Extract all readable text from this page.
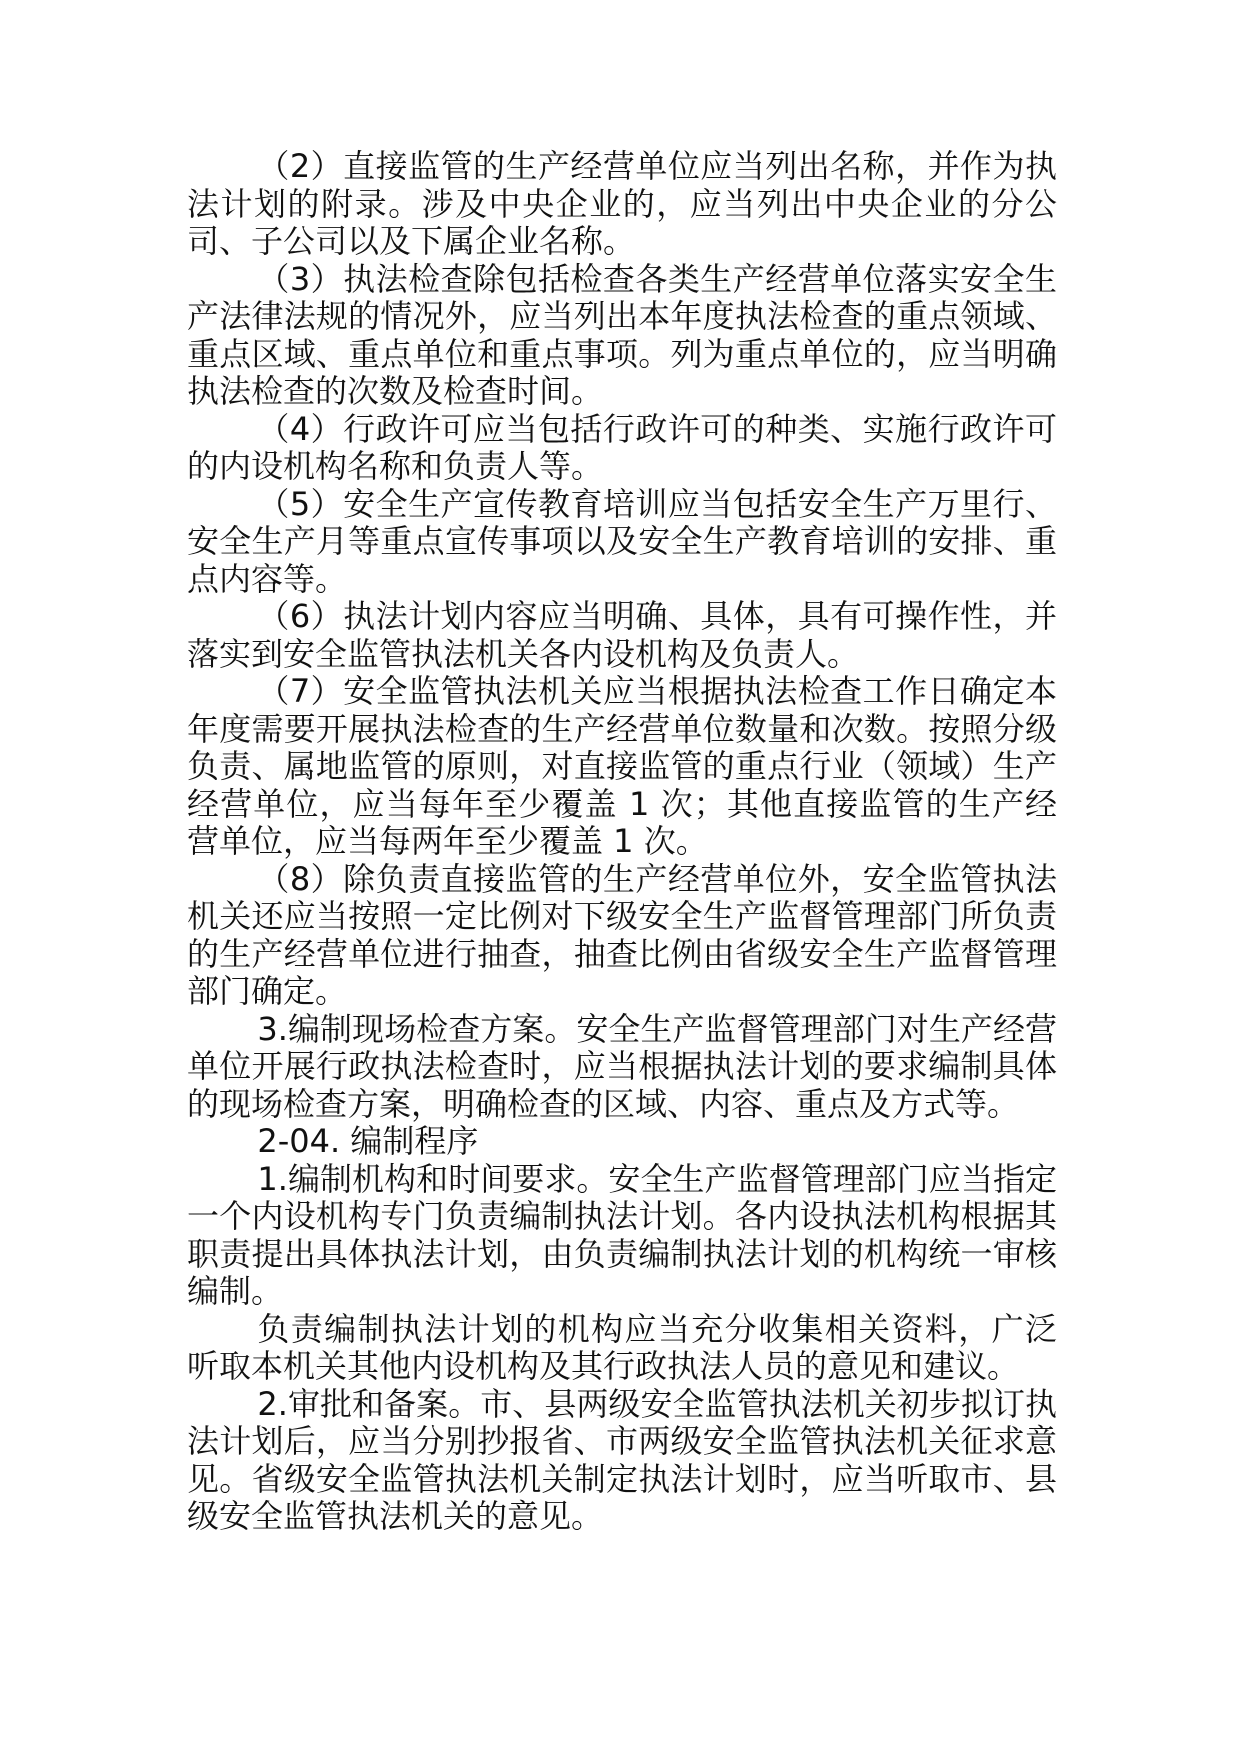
（2）直接监管的生产经营单位应当列出名称，并作为执法计划的附录。涉及中央企业的，应当列出中央企业的分公司、子公司以及下属企业名称。

（3）执法检查除包括检查各类生产经营单位落实安全生产法律法规的情况外，应当列出本年度执法检查的重点领域、重点区域、重点单位和重点事项。列为重点单位的，应当明确执法检查的次数及检查时间。

（4）行政许可应当包括行政许可的种类、实施行政许可的内设机构名称和负责人等。

（5）安全生产宣传教育培训应当包括安全生产万里行、安全生产月等重点宣传事项以及安全生产教育培训的安排、重点内容等。

（6）执法计划内容应当明确、具体，具有可操作性，并落实到安全监管执法机关各内设机构及负责人。

（7）安全监管执法机关应当根据执法检查工作日确定本年度需要开展执法检查的生产经营单位数量和次数。按照分级负责、属地监管的原则，对直接监管的重点行业（领域）生产经营单位，应当每年至少覆盖 1 次；其他直接监管的生产经营单位，应当每两年至少覆盖 1 次。

（8）除负责直接监管的生产经营单位外，安全监管执法机关还应当按照一定比例对下级安全生产监督管理部门所负责的生产经营单位进行抽查，抽查比例由省级安全生产监督管理部门确定。

3.编制现场检查方案。安全生产监督管理部门对生产经营单位开展行政执法检查时，应当根据执法计划的要求编制具体的现场检查方案，明确检查的区域、内容、重点及方式等。

2-04. 编制程序

1.编制机构和时间要求。安全生产监督管理部门应当指定一个内设机构专门负责编制执法计划。各内设执法机构根据其职责提出具体执法计划，由负责编制执法计划的机构统一审核编制。

负责编制执法计划的机构应当充分收集相关资料，广泛听取本机关其他内设机构及其行政执法人员的意见和建议。

2.审批和备案。市、县两级安全监管执法机关初步拟订执法计划后，应当分别抄报省、市两级安全监管执法机关征求意见。省级安全监管执法机关制定执法计划时，应当听取市、县级安全监管执法机关的意见。
